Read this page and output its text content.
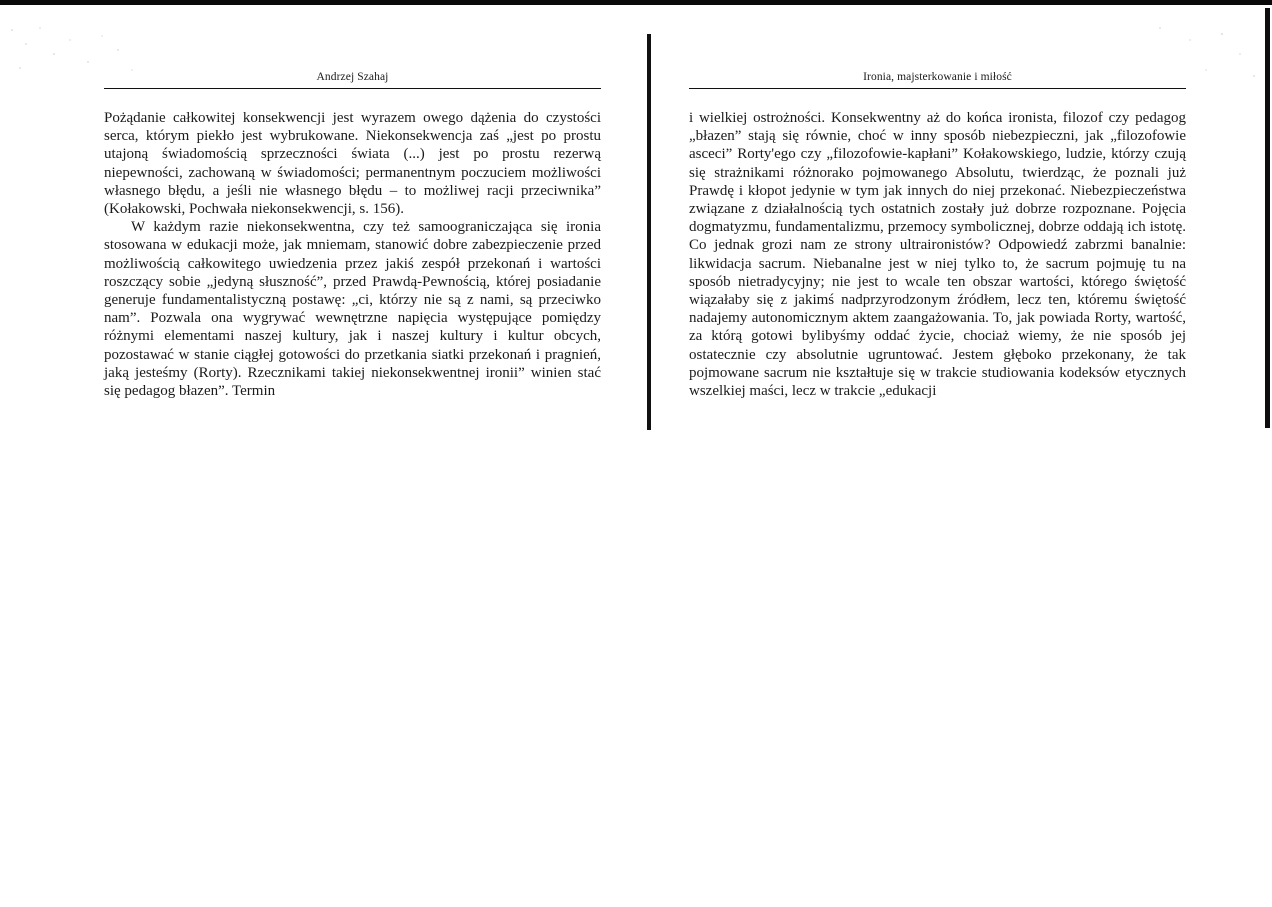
Andrzej Szahaj

Pożądanie całkowitej konsekwencji jest wyrazem owego dążenia do czystości serca, którym piekło jest wybrukowane. Niekonsekwencja zaś „jest po prostu utajoną świadomością sprzeczności świata (...) jest po prostu rezerwą niepewności, zachowaną w świadomości; permanentnym poczuciem możliwości własnego błędu, a jeśli nie własnego błędu – to możliwej racji przeciwnika” (Kołakowski, Pochwała niekonsekwencji, s. 156).

W każdym razie niekonsekwentna, czy też samoograniczająca się ironia stosowana w edukacji może, jak mniemam, stanowić dobre zabezpieczenie przed możliwością całkowitego uwiedzenia przez jakiś zespół przekonań i wartości roszczący sobie „jedyną słuszność”, przed Prawdą-Pewnością, której posiadanie generuje fundamentalistyczną postawę: „ci, którzy nie są z nami, są przeciwko nam”. Pozwala ona wygrywać wewnętrzne napięcia występujące pomiędzy różnymi elementami naszej kultury, jak i naszej kultury i kultur obcych, pozostawać w stanie ciągłej gotowości do przetkania siatki przekonań i pragnień, jaką jesteśmy (Rorty). Rzecznikami takiej niekonsekwentnej ironii” winien stać się pedagog błazen”. Termin

Ironia, majsterkowanie i miłość

i wielkiej ostrożności. Konsekwentny aż do końca ironista, filozof czy pedagog „błazen” stają się równie, choć w inny sposób niebezpieczni, jak „filozofowie asceci” Rorty'ego czy „filozofowie-kapłani” Kołakowskiego, ludzie, którzy czują się strażnikami różnorako pojmowanego Absolutu, twierdząc, że poznali już Prawdę i kłopot jedynie w tym jak innych do niej przekonać. Niebezpieczeństwa związane z działalnością tych ostatnich zostały już dobrze rozpoznane. Pojęcia dogmatyzmu, fundamentalizmu, przemocy symbolicznej, dobrze oddają ich istotę. Co jednak grozi nam ze strony ultraironistów? Odpowiedź zabrzmi banalnie: likwidacja sacrum. Niebanalne jest w niej tylko to, że sacrum pojmuję tu na sposób nietradycyjny; nie jest to wcale ten obszar wartości, którego świętość wiązałaby się z jakimś nadprzyrodzonym źródłem, lecz ten, któremu świętość nadajemy autonomicznym aktem zaangażowania. To, jak powiada Rorty, wartość, za którą gotowi bylibyśmy oddać życie, chociaż wiemy, że nie sposób jej ostatecznie czy absolutnie ugruntować. Jestem głęboko przekonany, że tak pojmowane sacrum nie kształtuje się w trakcie studiowania kodeksów etycznych wszelkiej maści, lecz w trakcie „edukacji
